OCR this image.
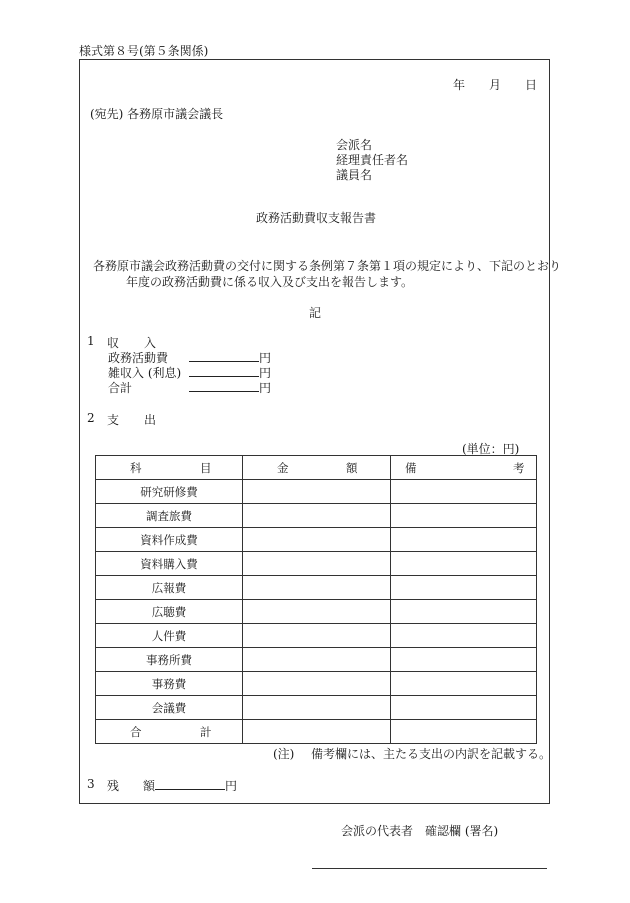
様式第８号(第５条関係)
年 月 日
(宛先) 各務原市議会議長
会派名
経理責任者名
議員名
政務活動費収支報告書
各務原市議会政務活動費の交付に関する条例第７条第１項の規定により、下記のとおり
年度の政務活動費に係る収入及び支出を報告します。
記
1 収 入
政務活動費	円
雑収入 (利息)	円
合計	円
2 支 出
(単位：円)
科 目	金 額	備 考

研究研修費		
調査旅費		
資料作成費		
資料購入費		
広報費		
広聴費		
人件費		
事務所費		
事務費		
会議費		

合 計		

(注) 備考欄には、主たる支出の内訳を記載する。
3 残 額	円
会派の代表者　確認欄 (署名)
